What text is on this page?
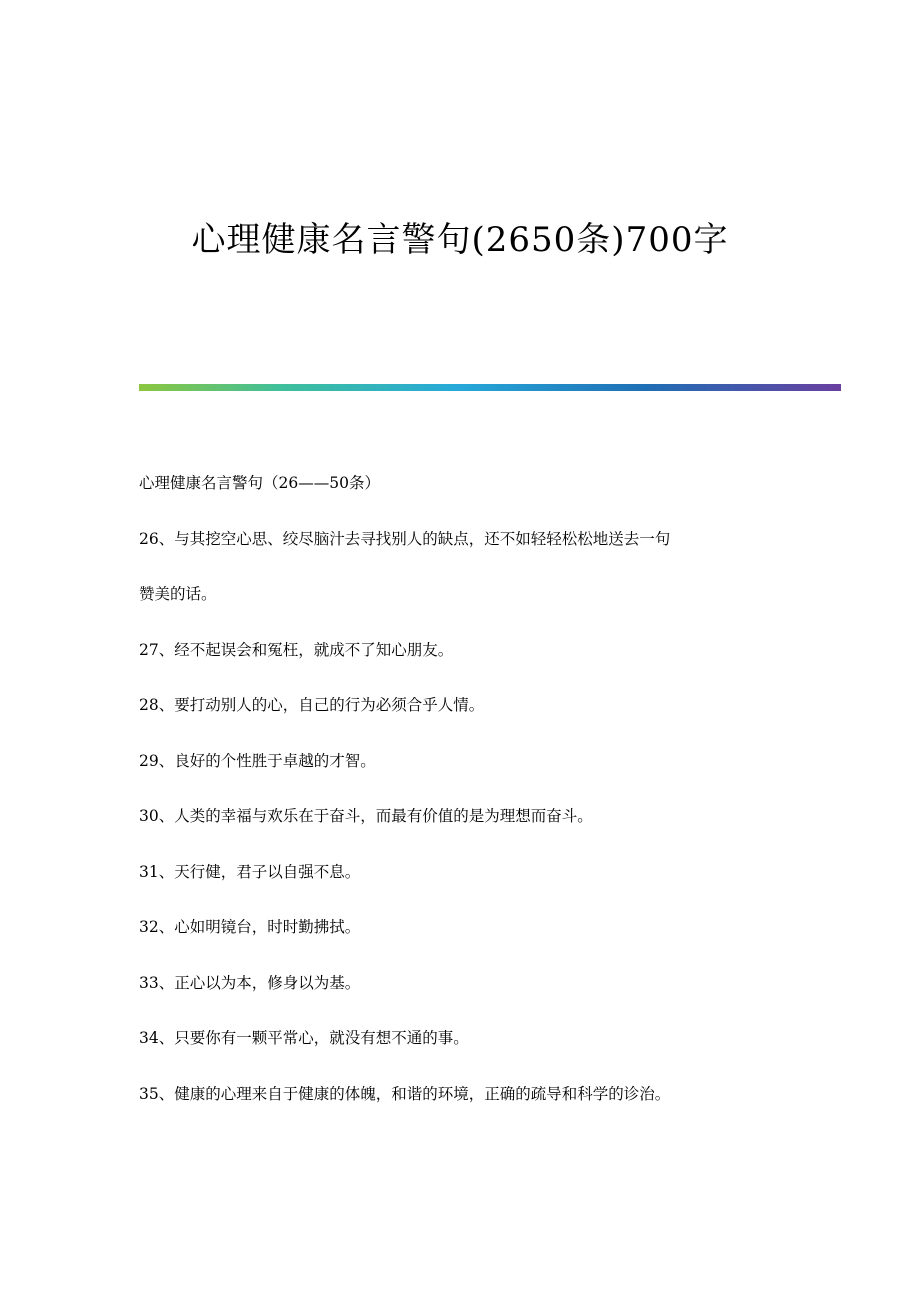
心理健康名言警句(2650条)700字
心理健康名言警句（26——50条）
26、与其挖空心思、绞尽脑汁去寻找别人的缺点，还不如轻轻松松地送去一句
赞美的话。
27、经不起误会和冤枉，就成不了知心朋友。
28、要打动别人的心，自己的行为必须合乎人情。
29、良好的个性胜于卓越的才智。
30、人类的幸福与欢乐在于奋斗，而最有价值的是为理想而奋斗。
31、天行健，君子以自强不息。
32、心如明镜台，时时勤拂拭。
33、正心以为本，修身以为基。
34、只要你有一颗平常心，就没有想不通的事。
35、健康的心理来自于健康的体魄，和谐的环境，正确的疏导和科学的诊治。
